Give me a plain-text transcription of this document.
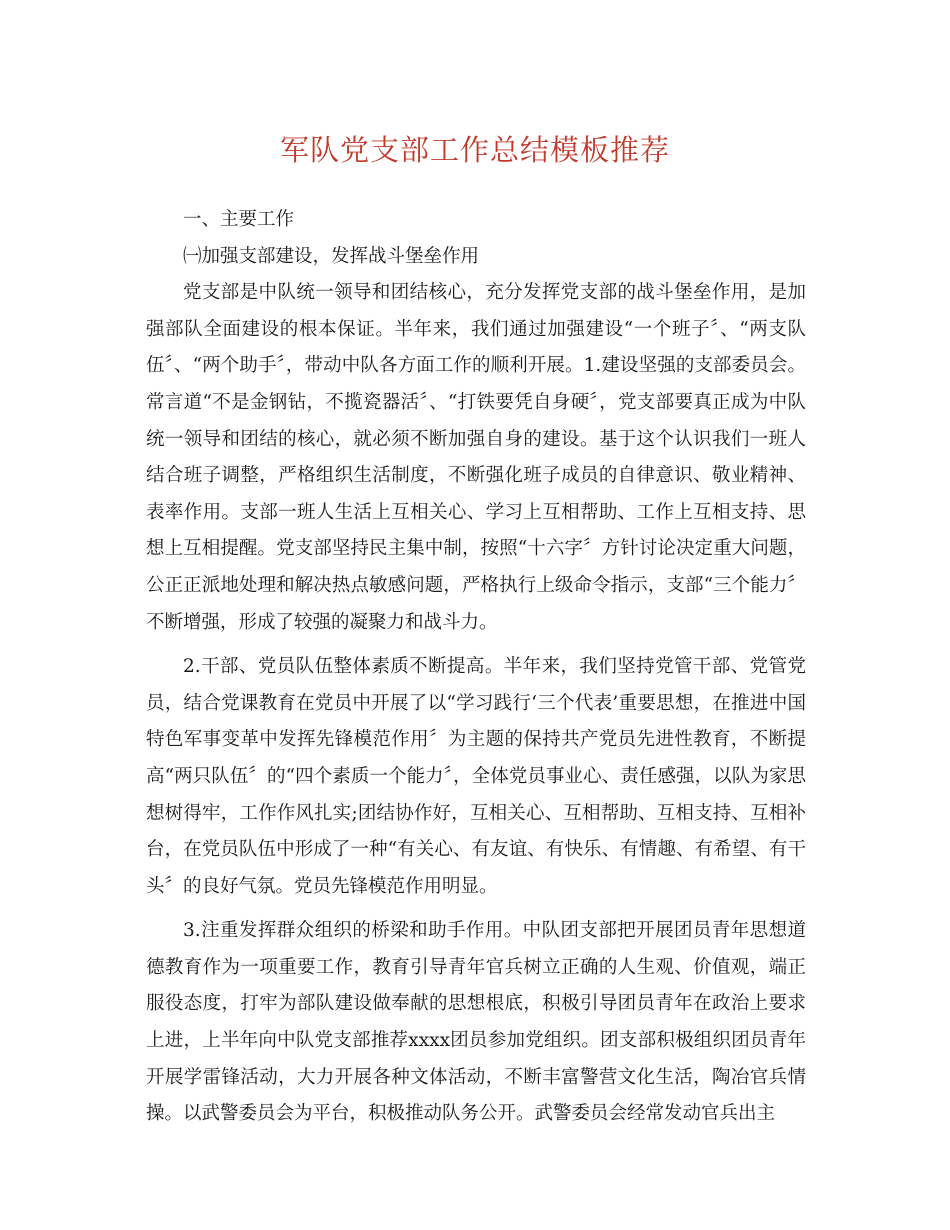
军队党支部工作总结模板推荐

一、主要工作

㈠加强支部建设，发挥战斗堡垒作用

党支部是中队统一领导和团结核心，充分发挥党支部的战斗堡垒作用，是加强部队全面建设的根本保证。半年来，我们通过加强建设“一个班子〞、“两支队伍〞、“两个助手〞，带动中队各方面工作的顺利开展。1.建设坚强的支部委员会。常言道“不是金钢钻，不揽瓷器活〞、“打铁要凭自身硬〞，党支部要真正成为中队统一领导和团结的核心，就必须不断加强自身的建设。基于这个认识我们一班人结合班子调整，严格组织生活制度，不断强化班子成员的自律意识、敬业精神、表率作用。支部一班人生活上互相关心、学习上互相帮助、工作上互相支持、思想上互相提醒。党支部坚持民主集中制，按照“十六字〞方针讨论决定重大问题，公正正派地处理和解决热点敏感问题，严格执行上级命令指示，支部“三个能力〞不断增强，形成了较强的凝聚力和战斗力。

2.干部、党员队伍整体素质不断提高。半年来，我们坚持党管干部、党管党员，结合党课教育在党员中开展了以“学习践行‘三个代表’重要思想，在推进中国特色军事变革中发挥先锋模范作用〞为主题的保持共产党员先进性教育，不断提高“两只队伍〞的“四个素质一个能力〞，全体党员事业心、责任感强，以队为家思想树得牢，工作作风扎实;团结协作好，互相关心、互相帮助、互相支持、互相补台，在党员队伍中形成了一种“有关心、有友谊、有快乐、有情趣、有希望、有干头〞的良好气氛。党员先锋模范作用明显。

3.注重发挥群众组织的桥梁和助手作用。中队团支部把开展团员青年思想道德教育作为一项重要工作，教育引导青年官兵树立正确的人生观、价值观，端正服役态度，打牢为部队建设做奉献的思想根底，积极引导团员青年在政治上要求上进，上半年向中队党支部推荐xxxx团员参加党组织。团支部积极组织团员青年开展学雷锋活动，大力开展各种文体活动，不断丰富警营文化生活，陶冶官兵情操。以武警委员会为平台，积极推动队务公开。武警委员会经常发动官兵出主
